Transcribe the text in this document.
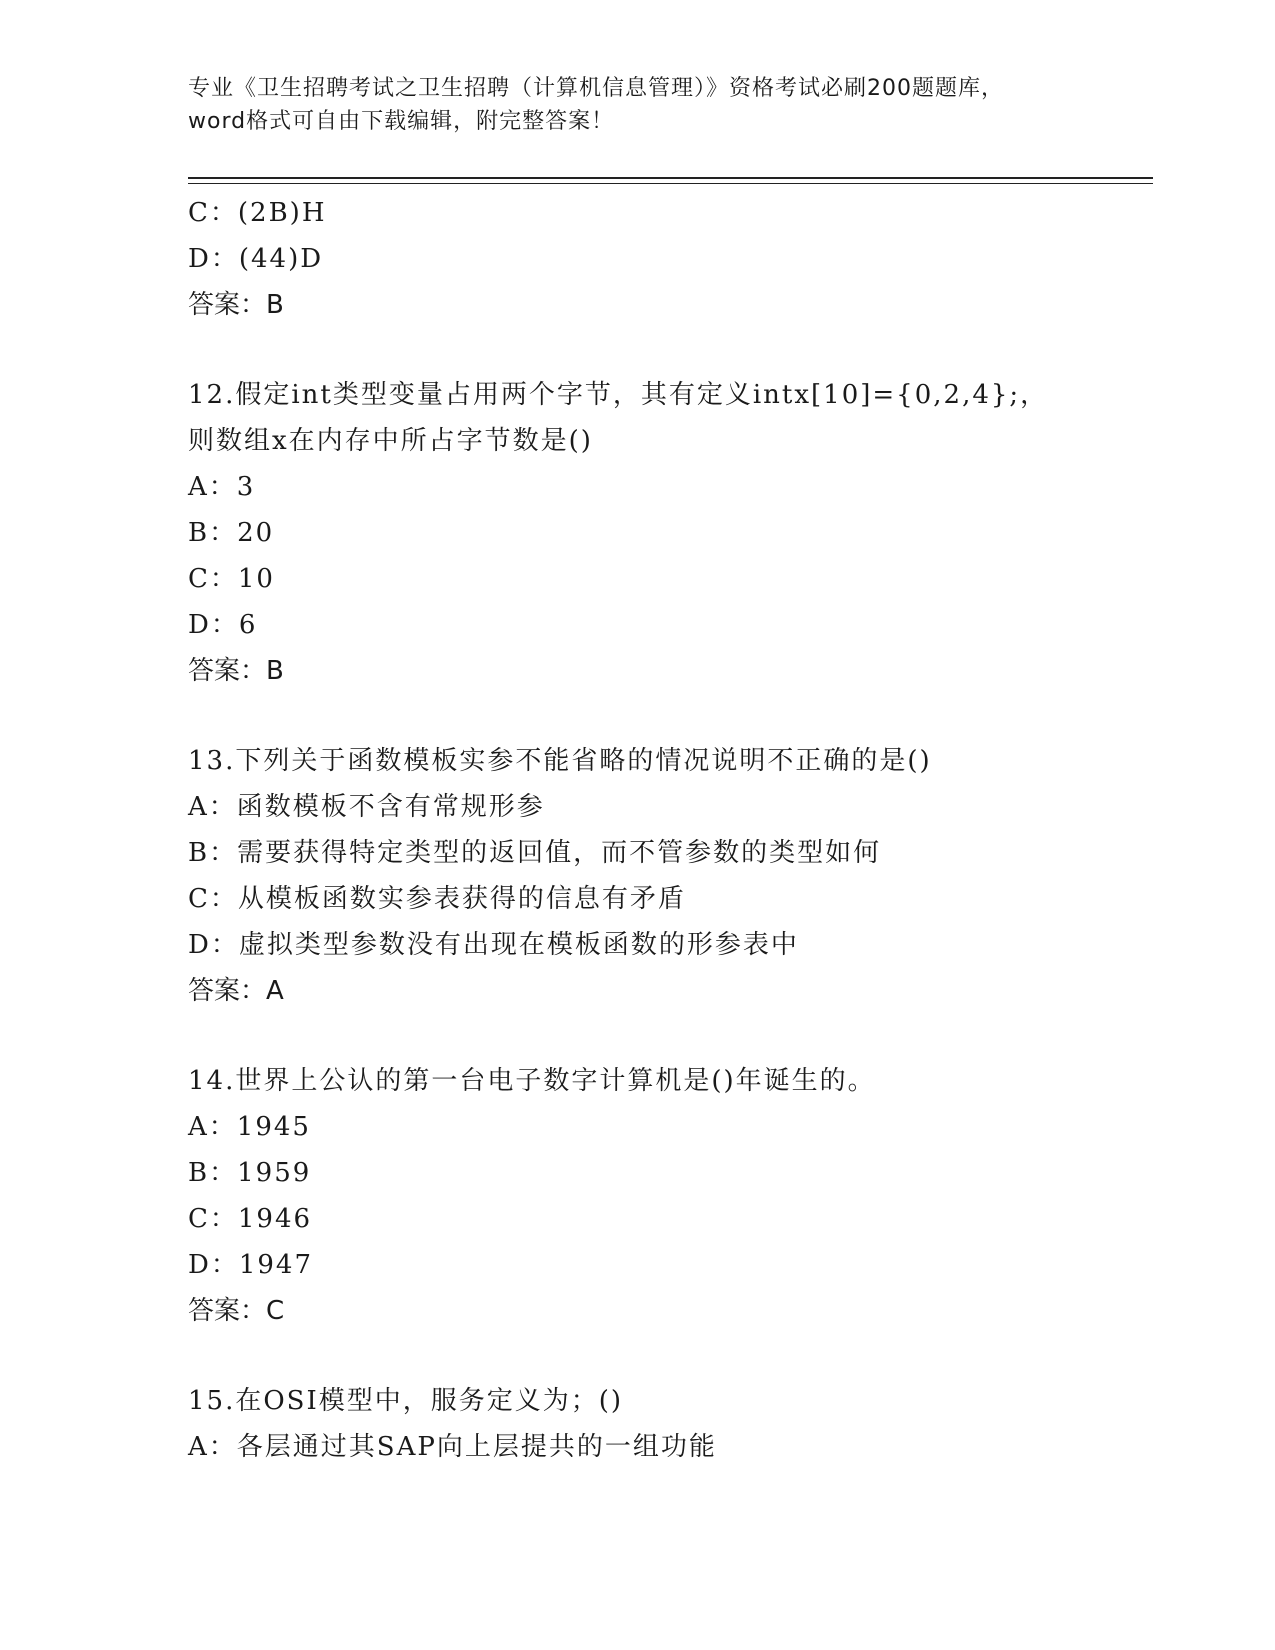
专业《卫生招聘考试之卫生招聘（计算机信息管理）》资格考试必刷200题题库，
word格式可自由下载编辑，附完整答案！
C：(2B)H
D：(44)D
答案：B
12.假定int类型变量占用两个字节，其有定义intx[10]={0,2,4};，
则数组x在内存中所占字节数是()
A：3
B：20
C：10
D：6
答案：B
13.下列关于函数模板实参不能省略的情况说明不正确的是()
A：函数模板不含有常规形参
B：需要获得特定类型的返回值，而不管参数的类型如何
C：从模板函数实参表获得的信息有矛盾
D：虚拟类型参数没有出现在模板函数的形参表中
答案：A
14.世界上公认的第一台电子数字计算机是()年诞生的。
A：1945
B：1959
C：1946
D：1947
答案：C
15.在OSI模型中，服务定义为；()
A：各层通过其SAP向上层提共的一组功能
